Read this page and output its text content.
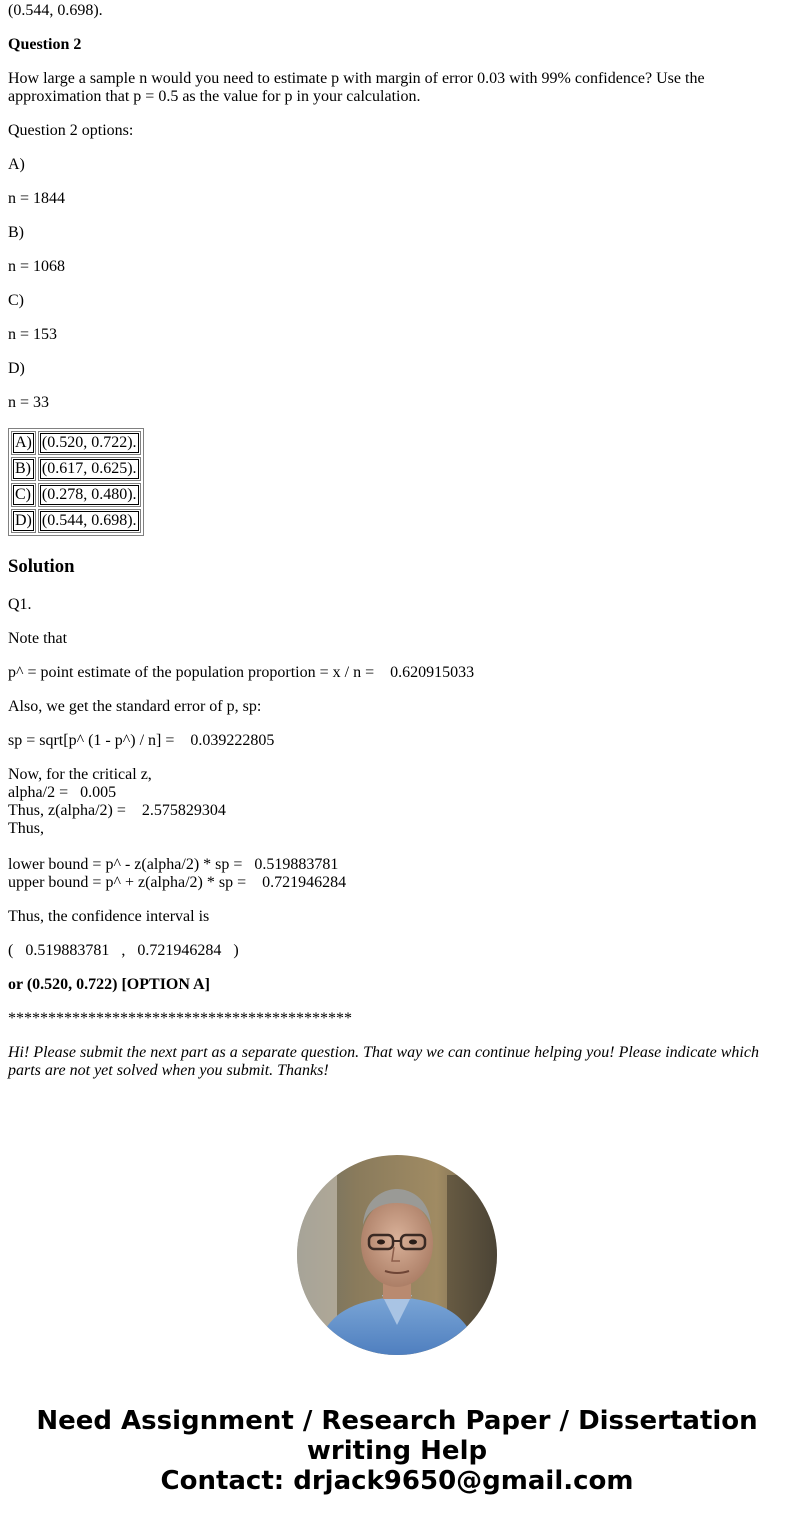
(0.544, 0.698).

Question 2

How large a sample n would you need to estimate p with margin of error 0.03 with 99% confidence? Use the approximation that p = 0.5 as the value for p in your calculation.

Question 2 options:

A)

n = 1844

B)

n = 1068

C)

n = 153

D)

n = 33

A)	(0.520, 0.722).

B)	(0.617, 0.625).

C)	(0.278, 0.480).

D)	(0.544, 0.698).
Solution

Q1.

Note that

p^ = point estimate of the population proportion = x / n =    0.620915033

Also, we get the standard error of p, sp:

sp = sqrt[p^ (1 - p^) / n] =    0.039222805

Now, for the critical z,

alpha/2 =   0.005

Thus, z(alpha/2) =    2.575829304

Thus,

lower bound = p^ - z(alpha/2) * sp =   0.519883781

upper bound = p^ + z(alpha/2) * sp =    0.721946284

Thus, the confidence interval is

(   0.519883781   ,   0.721946284   )

or (0.520, 0.722) [OPTION A]

*******************************************

Hi! Please submit the next part as a separate question. That way we can continue helping you! Please indicate which parts are not yet solved when you submit. Thanks!

Need Assignment / Research Paper / Dissertation
writing Help
Contact: drjack9650@gmail.com
